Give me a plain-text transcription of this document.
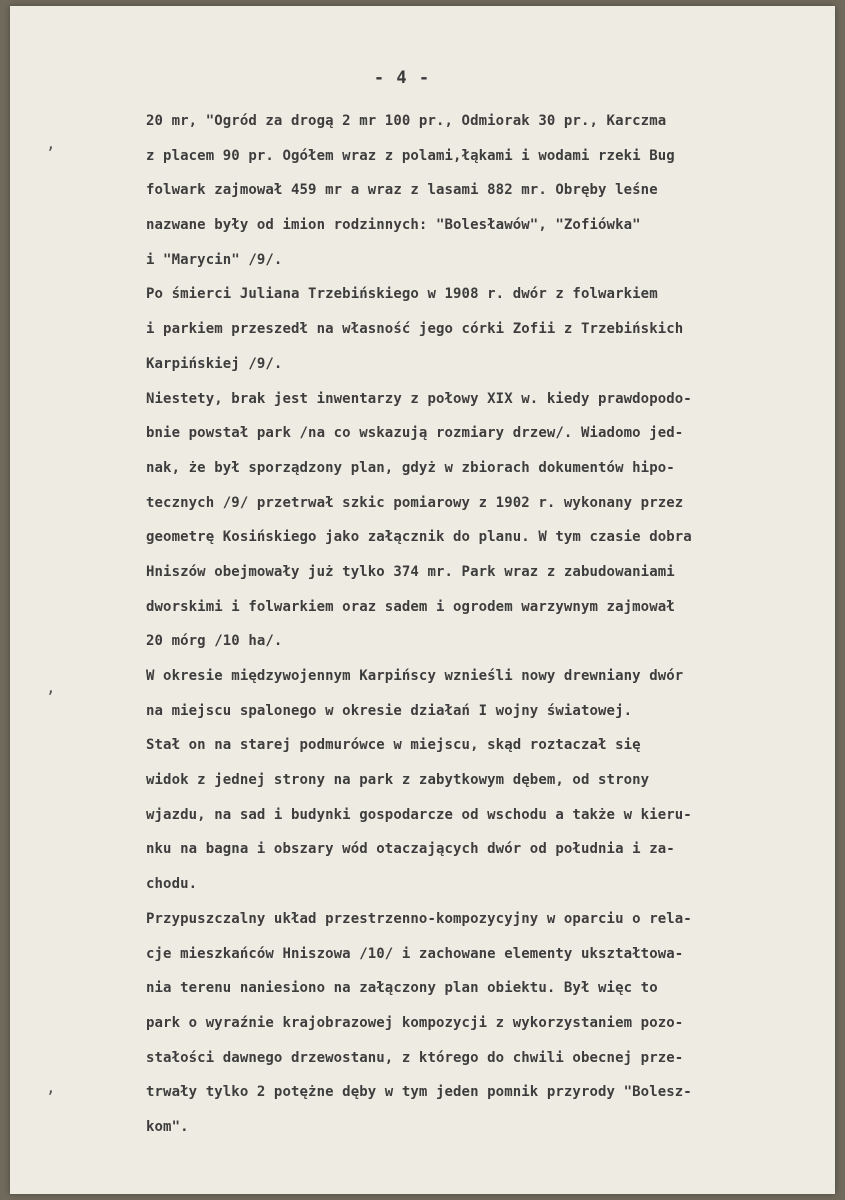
- 4 -
,
,
,
20 mr, "Ogród za drogą 2 mr 100 pr., Odmiorak 30 pr., Karczma
z placem 90 pr. Ogółem wraz z polami,łąkami i wodami rzeki Bug
folwark zajmował 459 mr a wraz z lasami 882 mr. Obręby leśne
nazwane były od imion rodzinnych: "Bolesławów", "Zofiówka"
i "Marycin" /9/.
Po śmierci Juliana Trzebińskiego w 1908 r. dwór z folwarkiem
i parkiem przeszedł na własność jego córki Zofii z Trzebińskich
Karpińskiej /9/.
Niestety, brak jest inwentarzy z połowy XIX w. kiedy prawdopodo-
bnie powstał park /na co wskazują rozmiary drzew/. Wiadomo jed-
nak, że był sporządzony plan, gdyż w zbiorach dokumentów hipo-
tecznych /9/ przetrwał szkic pomiarowy z 1902 r. wykonany przez
geometrę Kosińskiego jako załącznik do planu. W tym czasie dobra
Hniszów obejmowały już tylko 374 mr. Park wraz z zabudowaniami
dworskimi i folwarkiem oraz sadem i ogrodem warzywnym zajmował
20 mórg /10 ha/.
W okresie międzywojennym Karpińscy wznieśli nowy drewniany dwór
na miejscu spalonego w okresie działań I wojny światowej.
Stał on na starej podmurówce w miejscu, skąd roztaczał się
widok z jednej strony na park z zabytkowym dębem, od strony
wjazdu, na sad i budynki gospodarcze od wschodu a także w kieru-
nku na bagna i obszary wód otaczających dwór od południa i za-
chodu.
Przypuszczalny układ przestrzenno-kompozycyjny w oparciu o rela-
cje mieszkańców Hniszowa /10/ i zachowane elementy ukształtowa-
nia terenu naniesiono na załączony plan obiektu. Był więc to
park o wyraźnie krajobrazowej kompozycji z wykorzystaniem pozo-
stałości dawnego drzewostanu, z którego do chwili obecnej prze-
trwały tylko 2 potężne dęby w tym jeden pomnik przyrody "Bolesz-
kom".
